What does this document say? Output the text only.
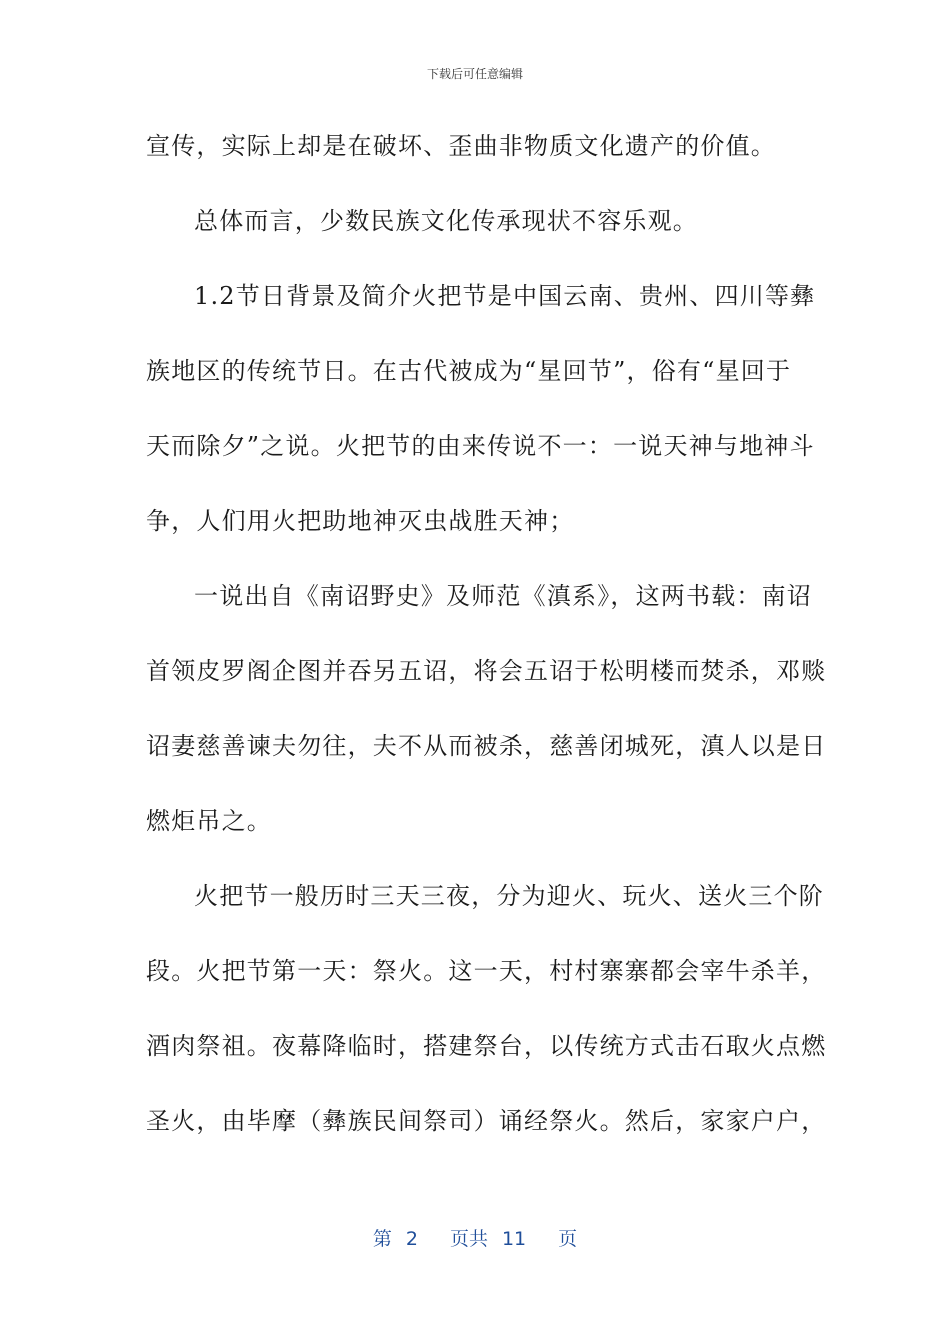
下载后可任意编辑
宣传，实际上却是在破坏、歪曲非物质文化遗产的价值。
总体而言，少数民族文化传承现状不容乐观。
1.2节日背景及简介火把节是中国云南、贵州、四川等彝
族地区的传统节日。在古代被成为“星回节”，俗有“星回于
天而除夕”之说。火把节的由来传说不一：一说天神与地神斗
争，人们用火把助地神灭虫战胜天神；
一说出自《南诏野史》及师范《滇系》，这两书载：南诏
首领皮罗阁企图并吞另五诏，将会五诏于松明楼而焚杀，邓赕
诏妻慈善谏夫勿往，夫不从而被杀，慈善闭城死，滇人以是日
燃炬吊之。
火把节一般历时三天三夜，分为迎火、玩火、送火三个阶
段。火把节第一天：祭火。这一天，村村寨寨都会宰牛杀羊，
酒肉祭祖。夜幕降临时，搭建祭台，以传统方式击石取火点燃
圣火，由毕摩（彝族民间祭司）诵经祭火。然后，家家户户，
第 2 页共 11 页
